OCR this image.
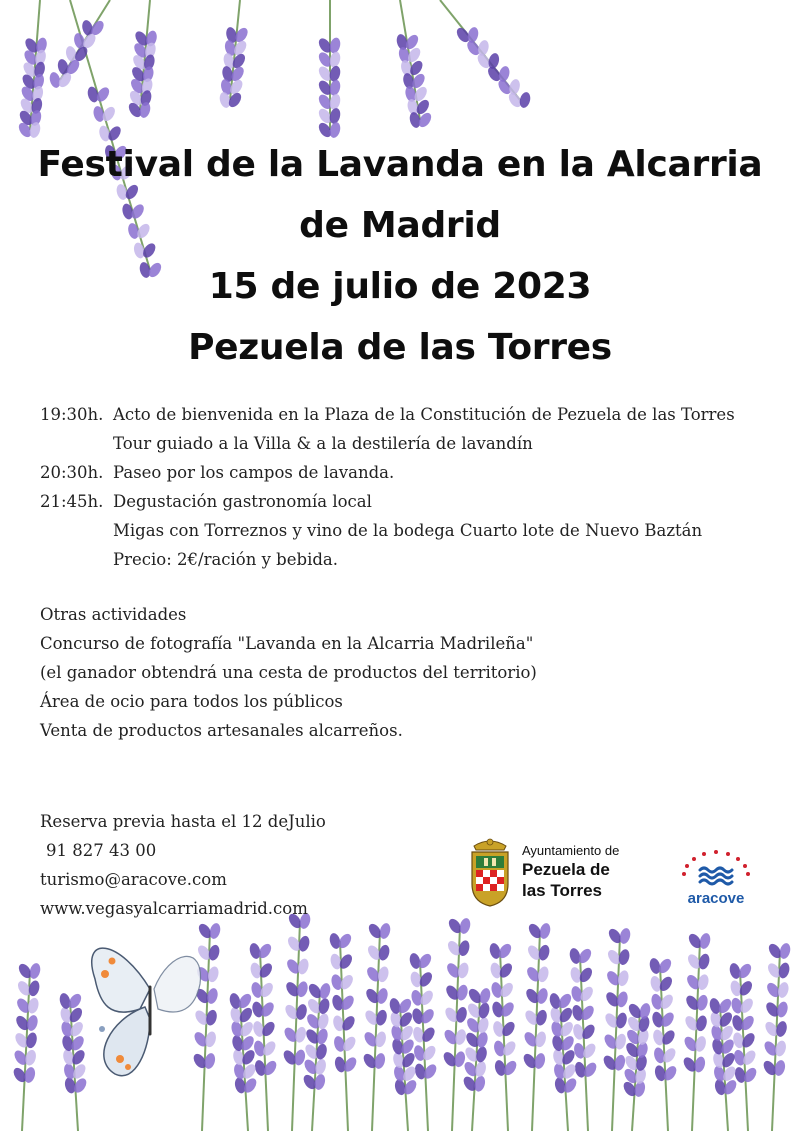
Festival de la Lavanda en la Alcarria
de Madrid
15 de julio de 2023
Pezuela de las Torres
19:30h. Acto de bienvenida en la Plaza de la Constitución de Pezuela de las Torres
Tour guiado a la Villa & a la destilería de lavandín
20:30h. Paseo por los campos de lavanda.
21:45h. Degustación gastronomía local
Migas con Torreznos y vino de la bodega Cuarto lote de Nuevo Baztán
Precio: 2€/ración y bebida.
Otras actividades
Concurso de fotografía "Lavanda en la Alcarria Madrileña"
(el ganador obtendrá una cesta de productos del territorio)
Área de ocio para todos los públicos
Venta de productos artesanales alcarreños.
Reserva previa hasta el 12 deJulio
91 827 43 00
turismo@aracove.com
www.vegasyalcarriamadrid.com
Ayuntamiento de
Pezuela de
las Torres	aracove
